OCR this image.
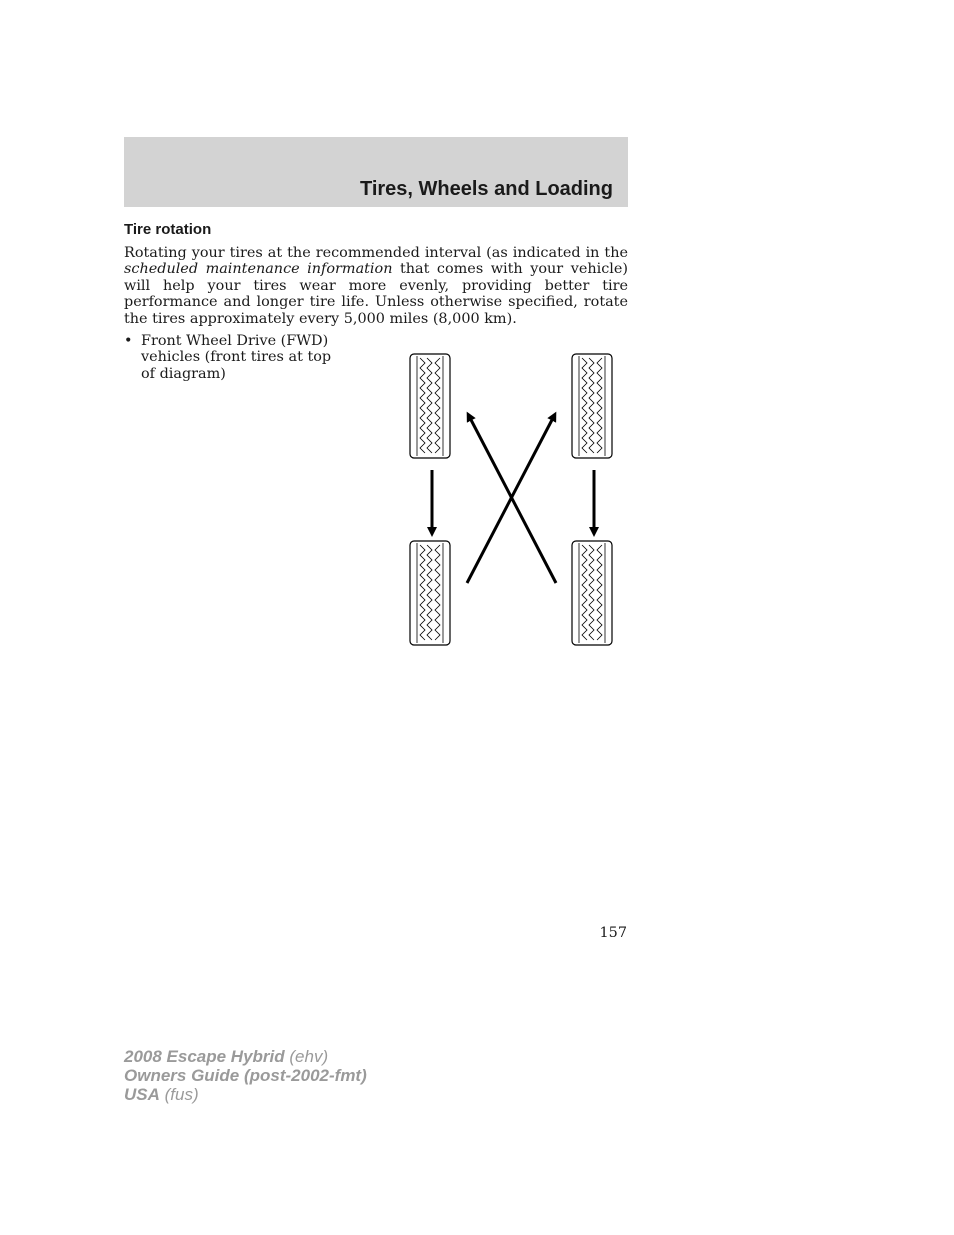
Tires, Wheels and Loading
Tire rotation

Rotating your tires at the recommended interval (as indicated in the scheduled maintenance information that comes with your vehicle) will help your tires wear more evenly, providing better tire performance and longer tire life. Unless otherwise specified, rotate the tires approximately every 5,000 miles (8,000 km).

• Front Wheel Drive (FWD) vehicles (front tires at top of diagram)

157

2008 Escape Hybrid (ehv)
Owners Guide (post-2002-fmt)
USA (fus)
